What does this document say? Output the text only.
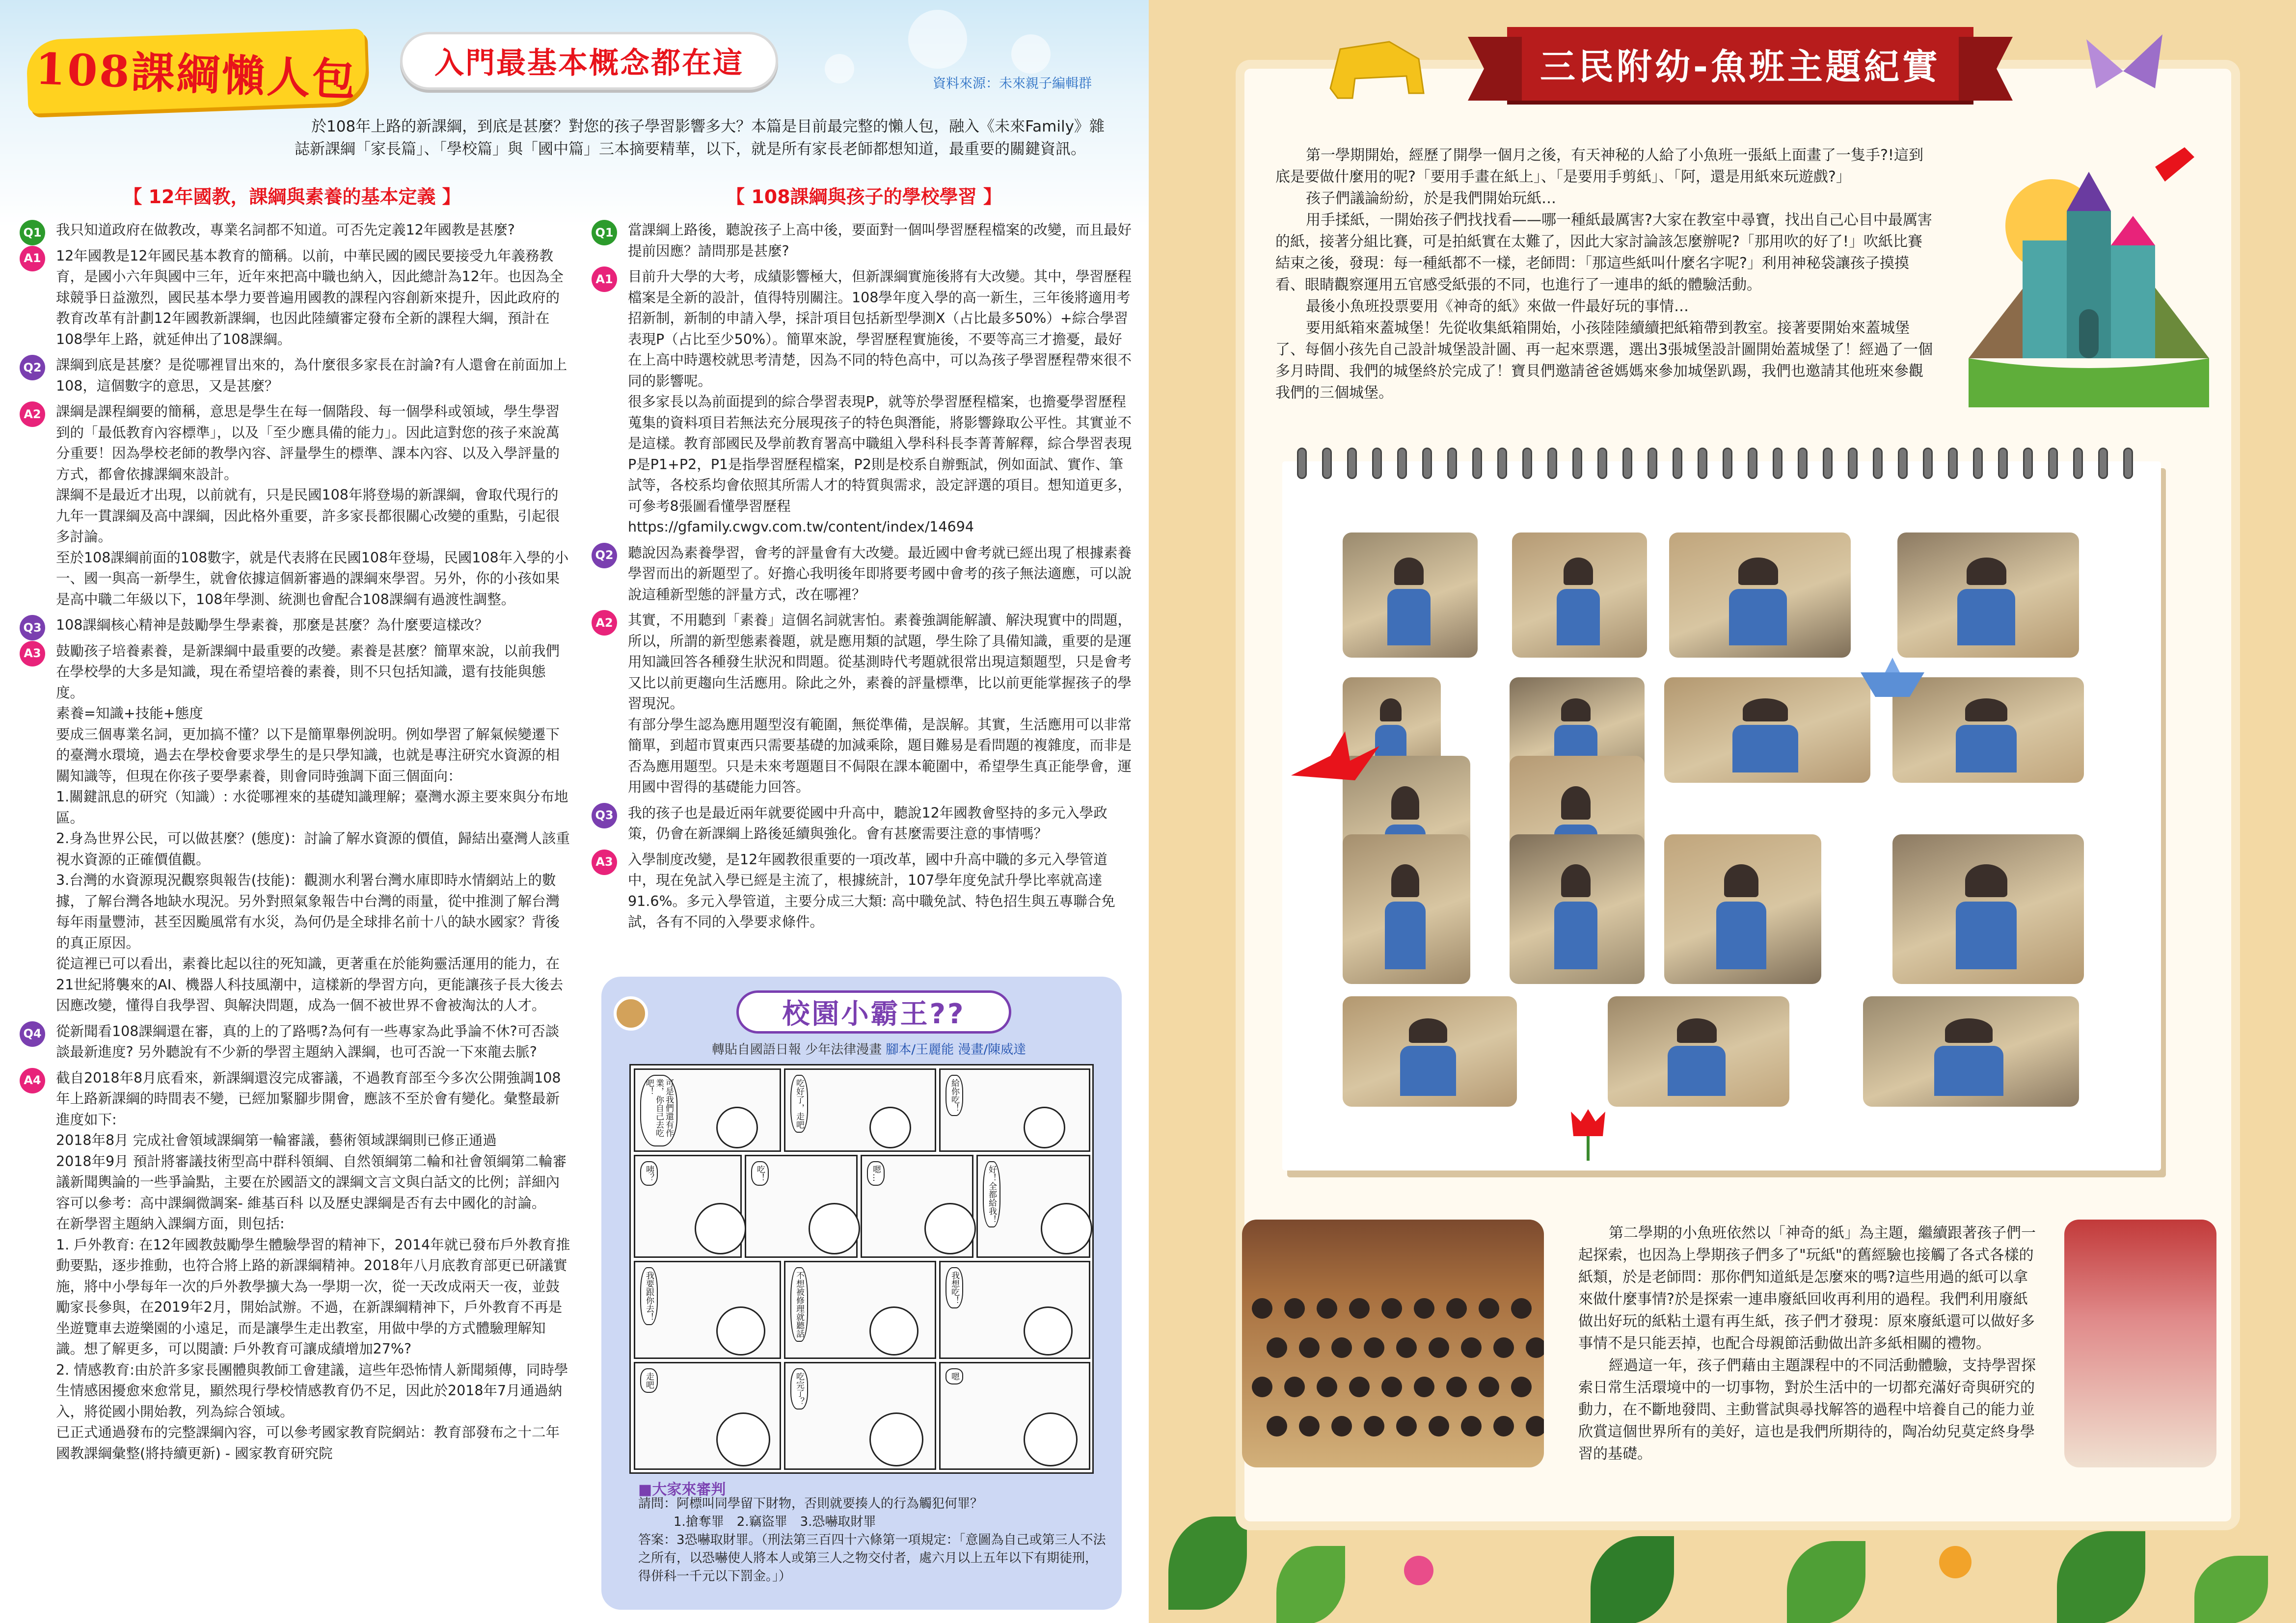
108課綱懶人包	入門最基本概念都在這
資料來源：未來親子編輯群
於108年上路的新課綱，到底是甚麼？對您的孩子學習影響多大？本篇是目前最完整的懶人包，融入《未來Family》雜誌新課綱「家長篇」、「學校篇」與「國中篇」三本摘要精華，以下，就是所有家長老師都想知道，最重要的關鍵資訊。
【 12年國教，課綱與素養的基本定義 】	【 108課綱與孩子的學校學習 】
Q1 我只知道政府在做教改，專業名詞都不知道。可否先定義12年國教是甚麼?

A1 12年國教是12年國民基本教育的簡稱。以前，中華民國的國民要接受九年義務教育，是國小六年與國中三年，近年來把高中職也納入，因此總計為12年。也因為全球競爭日益激烈，國民基本學力要普遍用國教的課程內容創新來提升，因此政府的教育改革有計劃12年國教新課綱，也因此陸續審定發布全新的課程大綱，預計在108學年上路，就延伸出了108課綱。

Q2 課綱到底是甚麼？是從哪裡冒出來的，為什麼很多家長在討論?有人還會在前面加上108，這個數字的意思，又是甚麼？

A2 課綱是課程綱要的簡稱，意思是學生在每一個階段、每一個學科或領域，學生學習到的「最低教育內容標準」，以及「至少應具備的能力」。因此這對您的孩子來說萬分重要！因為學校老師的教學內容、評量學生的標準、課本內容、以及入學評量的方式，都會依據課綱來設計。
課綱不是最近才出現，以前就有，只是民國108年將登場的新課綱，會取代現行的九年一貫課綱及高中課綱，因此格外重要，許多家長都很關心改變的重點，引起很多討論。
至於108課綱前面的108數字，就是代表將在民國108年登場，民國108年入學的小一、國一與高一新學生，就會依據這個新審過的課綱來學習。另外，你的小孩如果是高中職二年級以下，108年學測、統測也會配合108課綱有過渡性調整。

Q3 108課綱核心精神是鼓勵學生學素養，那麼是甚麼？為什麼要這樣改？

A3 鼓勵孩子培養素養，是新課綱中最重要的改變。素養是甚麼？簡單來說，以前我們在學校學的大多是知識，現在希望培養的素養，則不只包括知識，還有技能與態度。
素養=知識+技能+態度
要成三個專業名詞，更加搞不懂？以下是簡單舉例說明。例如學習了解氣候變遷下的臺灣水環境，過去在學校會要求學生的是只學知識，也就是專注研究水資源的相關知識等，但現在你孩子要學素養，則會同時強調下面三個面向：
1.關鍵訊息的研究（知識）: 水從哪裡來的基礎知識理解；臺灣水源主要來與分布地區。
2.身為世界公民，可以做甚麼？(態度)：討論了解水資源的價值，歸結出臺灣人該重視水資源的正確價值觀。
3.台灣的水資源現況觀察與報告(技能)：觀測水利署台灣水庫即時水情網站上的數據，了解台灣各地缺水現況。另外對照氣象報告中台灣的雨量，從中推測了解台灣每年雨量豐沛，甚至因颱風常有水災，為何仍是全球排名前十八的缺水國家？背後的真正原因。
從這裡已可以看出，素養比起以往的死知識，更著重在於能夠靈活運用的能力，在21世紀將襲來的AI、機器人科技風潮中，這樣新的學習方向，更能讓孩子長大後去因應改變，懂得自我學習、與解決問題，成為一個不被世界不會被淘汰的人才。

Q4 從新聞看108課綱還在審，真的上的了路嗎?為何有一些專家為此爭論不休?可否談談最新進度? 另外聽說有不少新的學習主題納入課綱，也可否說一下來龍去脈?

A4 截自2018年8月底看來，新課綱還沒完成審議，不過教育部至今多次公開強調108年上路新課綱的時間表不變，已經加緊腳步開會，應該不至於會有變化。彙整最新進度如下:
2018年8月 完成社會領域課綱第一輪審議，藝術領域課綱則已修正通過
2018年9月 預計將審議技術型高中群科領綱、自然領綱第二輪和社會領綱第二輪審議新聞輿論的一些爭論點，主要在於國語文的課綱文言文與白話文的比例；詳細內容可以參考：高中課綱微調案- 維基百科 以及歷史課綱是否有去中國化的討論。
在新學習主題納入課綱方面，則包括:
1. 戶外教育: 在12年國教鼓勵學生體驗學習的精神下，2014年就已發布戶外教育推動要點，逐步推動，也符合將上路的新課綱精神。2018年八月底教育部更已研議實施，將中小學每年一次的戶外教學擴大為一學期一次，從一天改成兩天一夜，並鼓勵家長參與，在2019年2月，開始試辦。不過，在新課綱精神下，戶外教育不再是坐遊覽車去遊樂園的小遠足，而是讓學生走出教室，用做中學的方式體驗理解知識。想了解更多，可以閱讀: 戶外教育可讓成績增加27%?
2. 情感教育:由於許多家長團體與教師工會建議，這些年恐怖情人新聞頻傳，同時學生情感困擾愈來愈常見，顯然現行學校情感教育仍不足，因此於2018年7月通過納入，將從國小開始教，列為綜合領域。
已正式通過發布的完整課綱內容，可以參考國家教育院網站：教育部發布之十二年國教課綱彙整(將持續更新) - 國家教育研究院

Q1 當課綱上路後，聽說孩子上高中後，要面對一個叫學習歷程檔案的改變，而且最好提前因應？請問那是甚麼?

A1 目前升大學的大考，成績影響極大，但新課綱實施後將有大改變。其中，學習歷程檔案是全新的設計，值得特別關注。108學年度入學的高一新生，三年後將適用考招新制，新制的申請入學，採計項目包括新型學測X（占比最多50%）+綜合學習表現P（占比至少50%）。簡單來說，學習歷程實施後，不要等高三才擔憂，最好在上高中時選校就思考清楚，因為不同的特色高中，可以為孩子學習歷程帶來很不同的影響呢。
很多家長以為前面提到的綜合學習表現P，就等於學習歷程檔案，也擔憂學習歷程蒐集的資料項目若無法充分展現孩子的特色與潛能，將影響錄取公平性。其實並不是這樣。教育部國民及學前教育署高中職組入學科科長李菁菁解釋，綜合學習表現P是P1+P2，P1是指學習歷程檔案，P2則是校系自辦甄試，例如面試、實作、筆試等，各校系均會依照其所需人才的特質與需求，設定評選的項目。想知道更多，可參考8張圖看懂學習歷程
https://gfamily.cwgv.com.tw/content/index/14694

Q2 聽說因為素養學習，會考的評量會有大改變。最近國中會考就已經出現了根據素養學習而出的新題型了。好擔心我明後年即將要考國中會考的孩子無法適應，可以說說這種新型態的評量方式，改在哪裡？

A2 其實，不用聽到「素養」這個名詞就害怕。素養強調能解讀、解決現實中的問題，所以，所謂的新型態素養題，就是應用類的試題，學生除了具備知識，重要的是運用知識回答各種發生狀況和問題。從基測時代考題就很常出現這類題型，只是會考又比以前更趨向生活應用。除此之外，素養的評量標準，比以前更能掌握孩子的學習現況。
有部分學生認為應用題型沒有範圍，無從準備，是誤解。其實，生活應用可以非常簡單，到超市買東西只需要基礎的加減乘除，題目難易是看問題的複雜度，而非是否為應用題型。只是未來考題題目不侷限在課本範圍中，希望學生真正能學會，運用國中習得的基礎能力回答。

Q3 我的孩子也是最近兩年就要從國中升高中，聽說12年國教會堅持的多元入學政策，仍會在新課綱上路後延續與強化。會有甚麼需要注意的事情嗎？

A3 入學制度改變，是12年國教很重要的一項改革，國中升高中職的多元入學管道中，現在免試入學已經是主流了，根據統計，107學年度免試升學比率就高達91.6%。多元入學管道，主要分成三大類: 高中職免試、特色招生與五專聯合免試，各有不同的入學要求條件。

校園小霸王??
轉貼自國語日報 少年法律漫畫 腳本/王麗能 漫畫/陳威達
可是我們還有作業，你自己去吃吧！	吃好了，走吧	給你吃！
咦？	吃！	嗯…	好！全都給我！
我要跟你去！	不想被修理就聽話	我想吃！
走吧	吃完了？	嗯
■大家來審判
請問：阿標叫同學留下財物，否則就要揍人的行為觸犯何罪？
1.搶奪罪　2.竊盜罪　3.恐嚇取財罪
答案：3恐嚇取財罪。（刑法第三百四十六條第一項規定：「意圖為自己或第三人不法之所有，以恐嚇使人將本人或第三人之物交付者，處六月以上五年以下有期徒刑，得併科一千元以下罰金。」）
三民附幼-魚班主題紀實

第一學期開始，經歷了開學一個月之後，有天神秘的人給了小魚班一張紙上面畫了一隻手?!這到底是要做什麼用的呢?「要用手畫在紙上」、「是要用手剪紙」、「阿，還是用紙來玩遊戲?」

孩子們議論紛紛，於是我們開始玩紙…

用手揉紙，一開始孩子們找找看——哪一種紙最厲害?大家在教室中尋寶，找出自己心目中最厲害的紙，接著分組比賽，可是拍紙實在太難了，因此大家討論該怎麼辦呢?「那用吹的好了!」吹紙比賽結束之後，發現：每一種紙都不一樣，老師問：「那這些紙叫什麼名字呢?」利用神秘袋讓孩子摸摸看、眼睛觀察運用五官感受紙張的不同，也進行了一連串的紙的體驗活動。

最後小魚班投票要用《神奇的紙》來做一件最好玩的事情…

要用紙箱來蓋城堡！先從收集紙箱開始，小孩陸陸續續把紙箱帶到教室。接著要開始來蓋城堡了、每個小孩先自己設計城堡設計圖、再一起來票選，選出3張城堡設計圖開始蓋城堡了！經過了一個多月時間、我們的城堡終於完成了！寶貝們邀請爸爸媽媽來參加城堡趴踢，我們也邀請其他班來參觀我們的三個城堡。

第二學期的小魚班依然以「神奇的紙」為主題，繼續跟著孩子們一起探索，也因為上學期孩子們多了"玩紙"的舊經驗也接觸了各式各樣的紙類，於是老師問：那你們知道紙是怎麼來的嗎?這些用過的紙可以拿來做什麼事情?於是探索一連串廢紙回收再利用的過程。我們利用廢紙做出好玩的紙粘土還有再生紙，孩子們才發現：原來廢紙還可以做好多事情不是只能丟掉，也配合母親節活動做出許多紙相關的禮物。

經過這一年，孩子們藉由主題課程中的不同活動體驗，支持學習探索日常生活環境中的一切事物，對於生活中的一切都充滿好奇與研究的動力，在不斷地發問、主動嘗試與尋找解答的過程中培養自己的能力並欣賞這個世界所有的美好，這也是我們所期待的，陶冶幼兒莫定終身學習的基礎。
